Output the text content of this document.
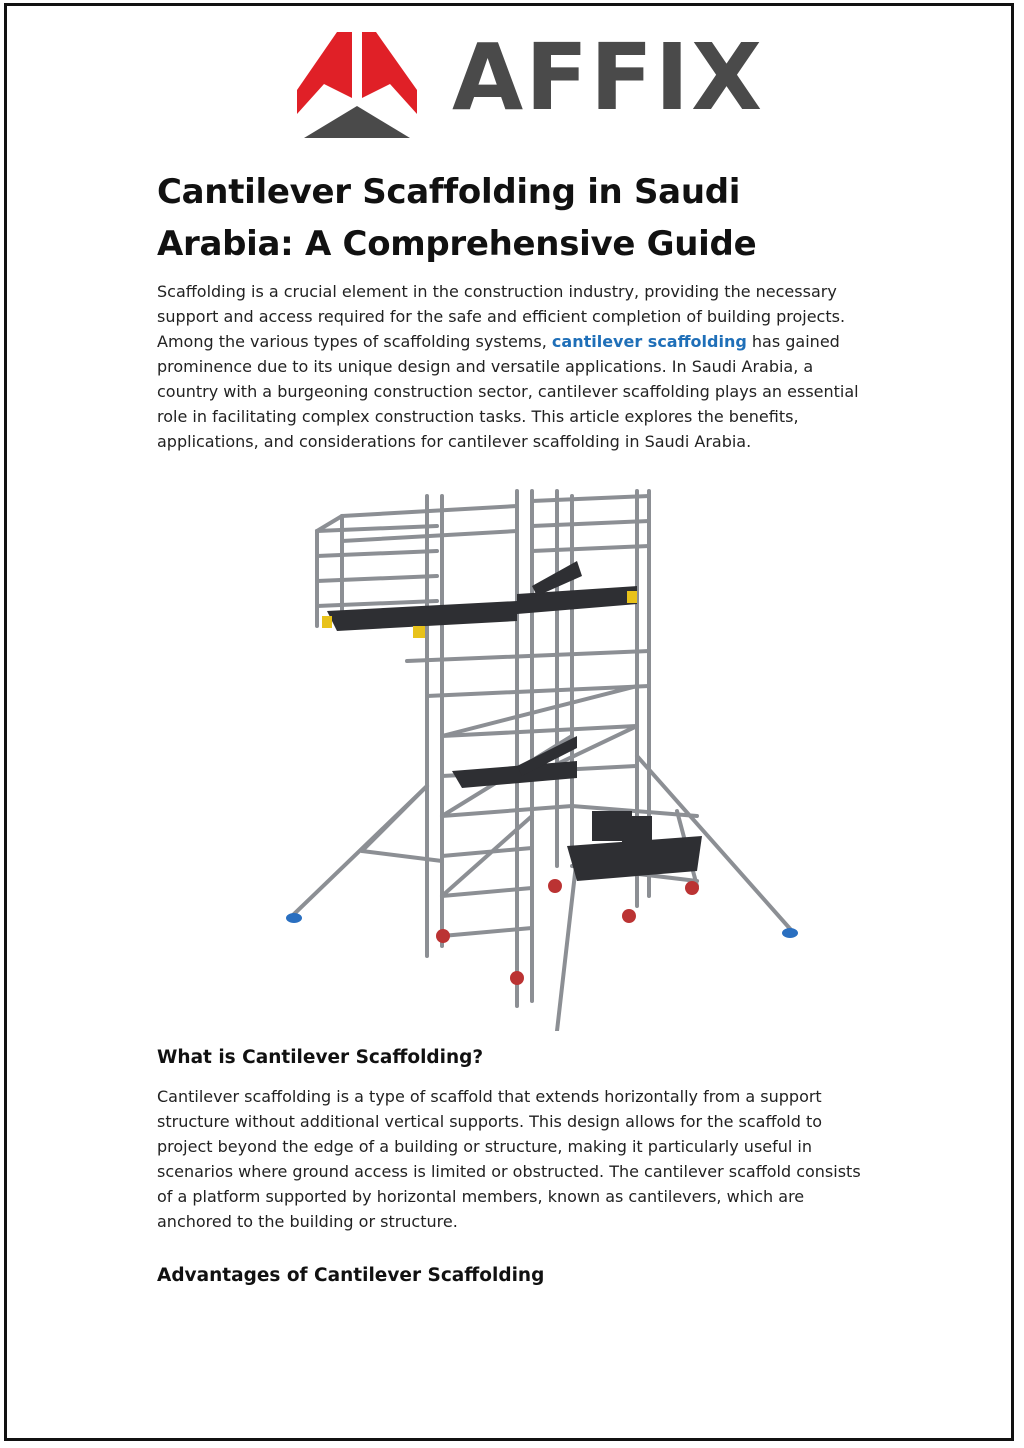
AFFIX
Cantilever Scaffolding in Saudi Arabia: A Comprehensive Guide

Scaffolding is a crucial element in the construction industry, providing the necessary support and access required for the safe and efficient completion of building projects. Among the various types of scaffolding systems, cantilever scaffolding has gained prominence due to its unique design and versatile applications. In Saudi Arabia, a country with a burgeoning construction sector, cantilever scaffolding plays an essential role in facilitating complex construction tasks. This article explores the benefits, applications, and considerations for cantilever scaffolding in Saudi Arabia.

What is Cantilever Scaffolding?

Cantilever scaffolding is a type of scaffold that extends horizontally from a support structure without additional vertical supports. This design allows for the scaffold to project beyond the edge of a building or structure, making it particularly useful in scenarios where ground access is limited or obstructed. The cantilever scaffold consists of a platform supported by horizontal members, known as cantilevers, which are anchored to the building or structure.

Advantages of Cantilever Scaffolding
